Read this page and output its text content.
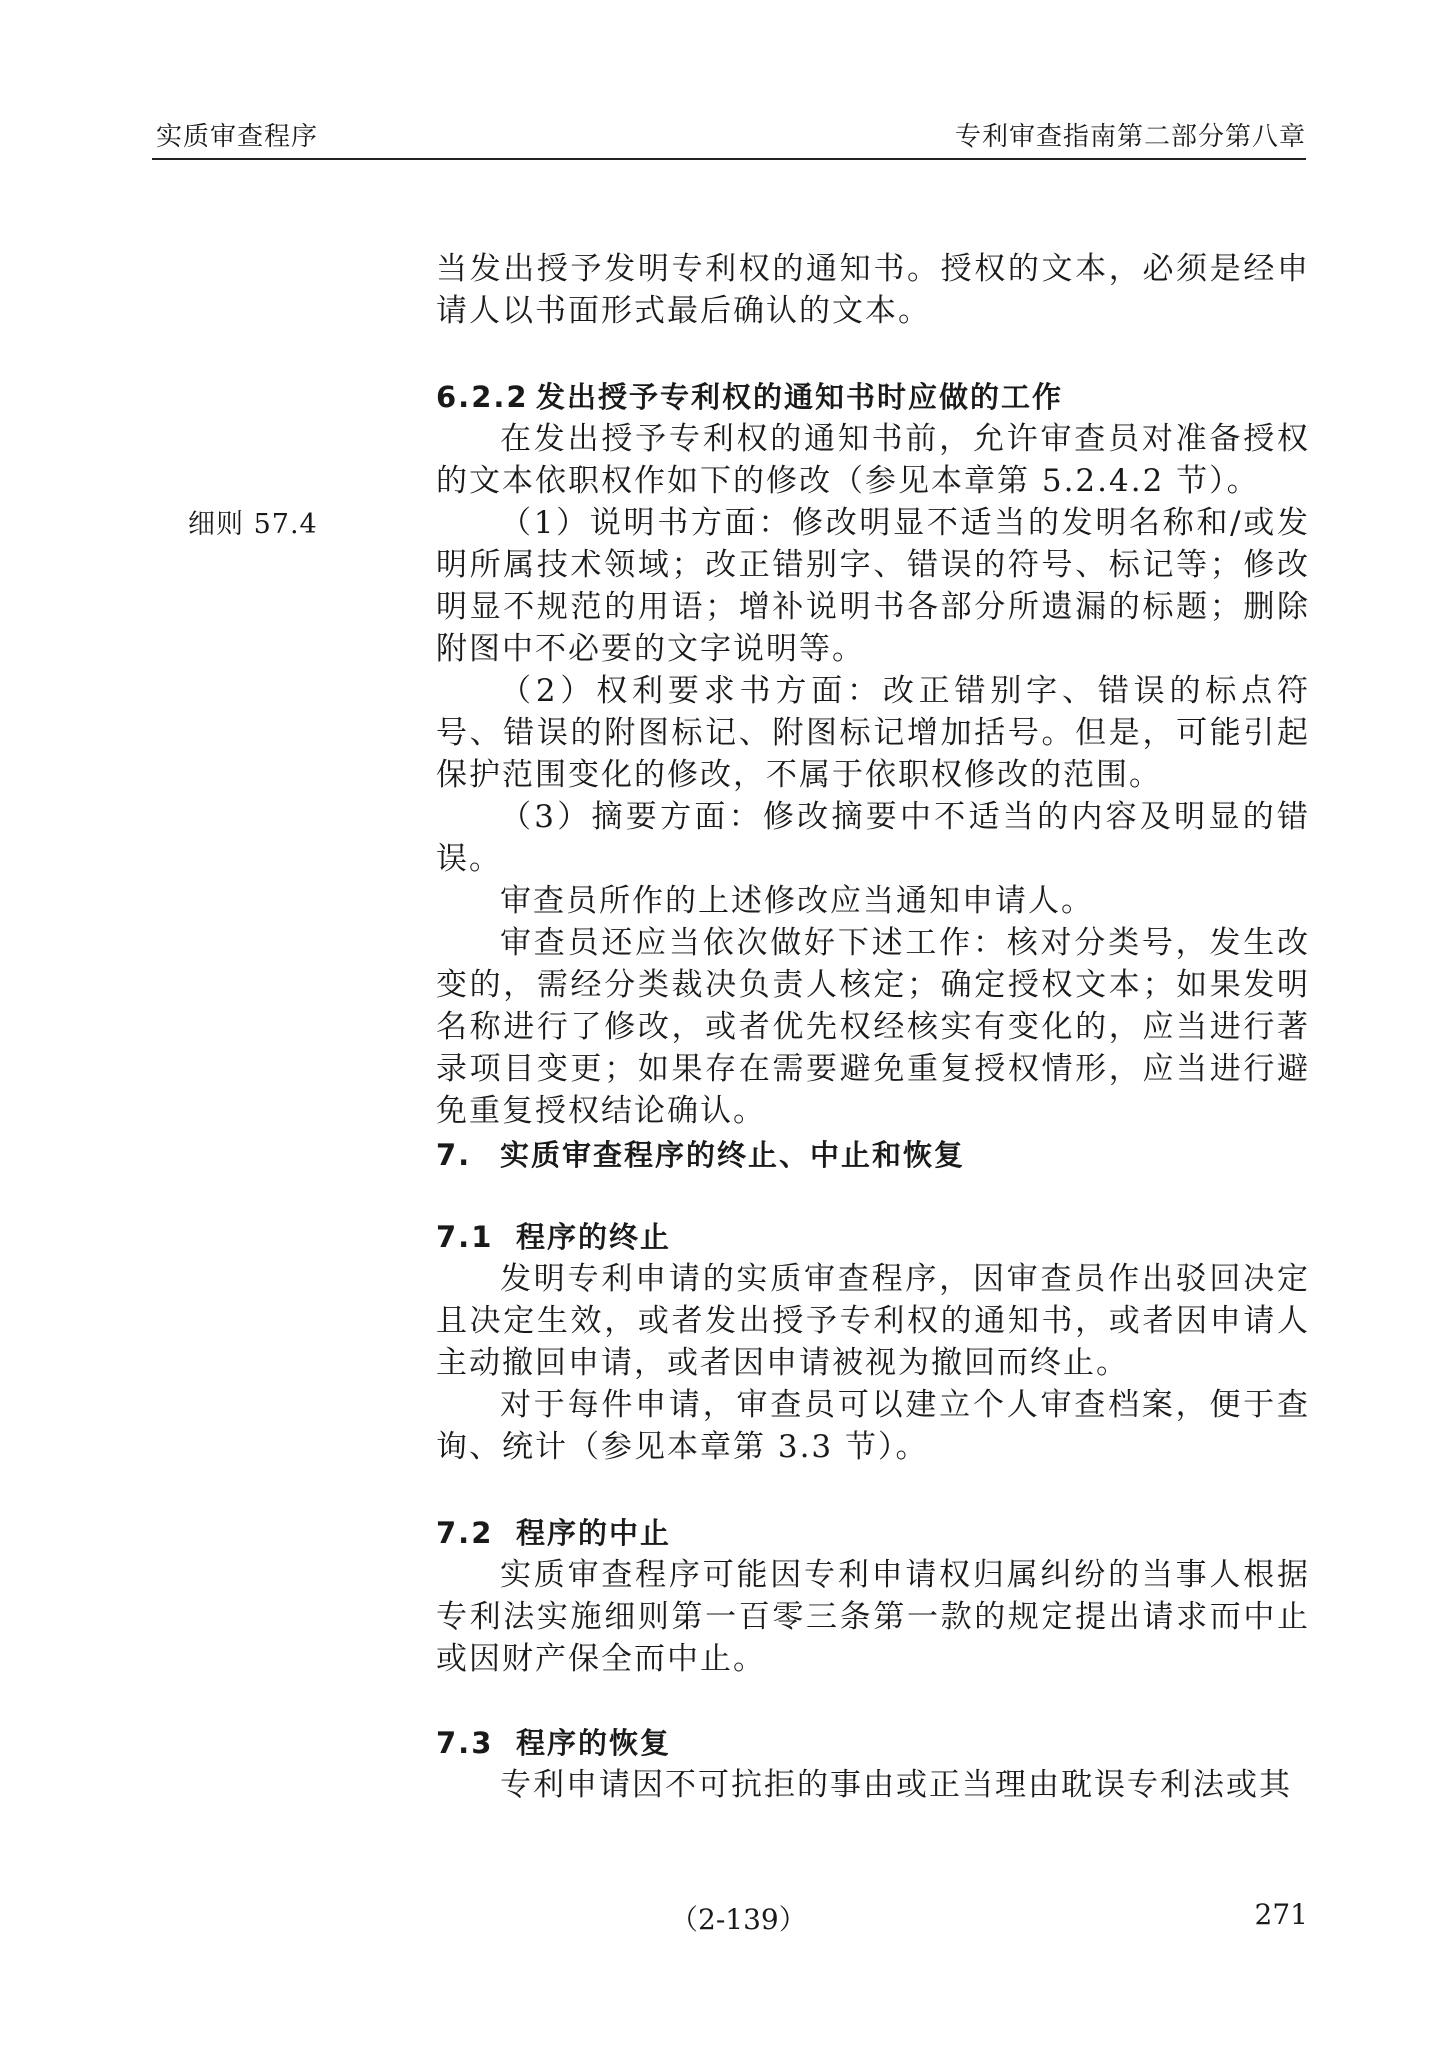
实质审查程序	专利审查指南第二部分第八章
细则 57.4

当发出授予发明专利权的通知书。授权的文本，必须是经申请人以书面形式最后确认的文本。

6.2.2 发出授予专利权的通知书时应做的工作

在发出授予专利权的通知书前，允许审查员对准备授权的文本依职权作如下的修改（参见本章第 5.2.4.2 节）。

（1）说明书方面：修改明显不适当的发明名称和/或发明所属技术领域；改正错别字、错误的符号、标记等；修改明显不规范的用语；增补说明书各部分所遗漏的标题；删除附图中不必要的文字说明等。

（2）权利要求书方面：改正错别字、错误的标点符号、错误的附图标记、附图标记增加括号。但是，可能引起保护范围变化的修改，不属于依职权修改的范围。

（3）摘要方面：修改摘要中不适当的内容及明显的错误。

审查员所作的上述修改应当通知申请人。

审查员还应当依次做好下述工作：核对分类号，发生改变的，需经分类裁决负责人核定；确定授权文本；如果发明名称进行了修改，或者优先权经核实有变化的，应当进行著录项目变更；如果存在需要避免重复授权情形，应当进行避免重复授权结论确认。

7. 实质审查程序的终止、中止和恢复

7.1 程序的终止

发明专利申请的实质审查程序，因审查员作出驳回决定且决定生效，或者发出授予专利权的通知书，或者因申请人主动撤回申请，或者因申请被视为撤回而终止。

对于每件申请，审查员可以建立个人审查档案，便于查询、统计（参见本章第 3.3 节）。

7.2 程序的中止

实质审查程序可能因专利申请权归属纠纷的当事人根据专利法实施细则第一百零三条第一款的规定提出请求而中止或因财产保全而中止。

7.3 程序的恢复

专利申请因不可抗拒的事由或正当理由耽误专利法或其

（2-139）	271
